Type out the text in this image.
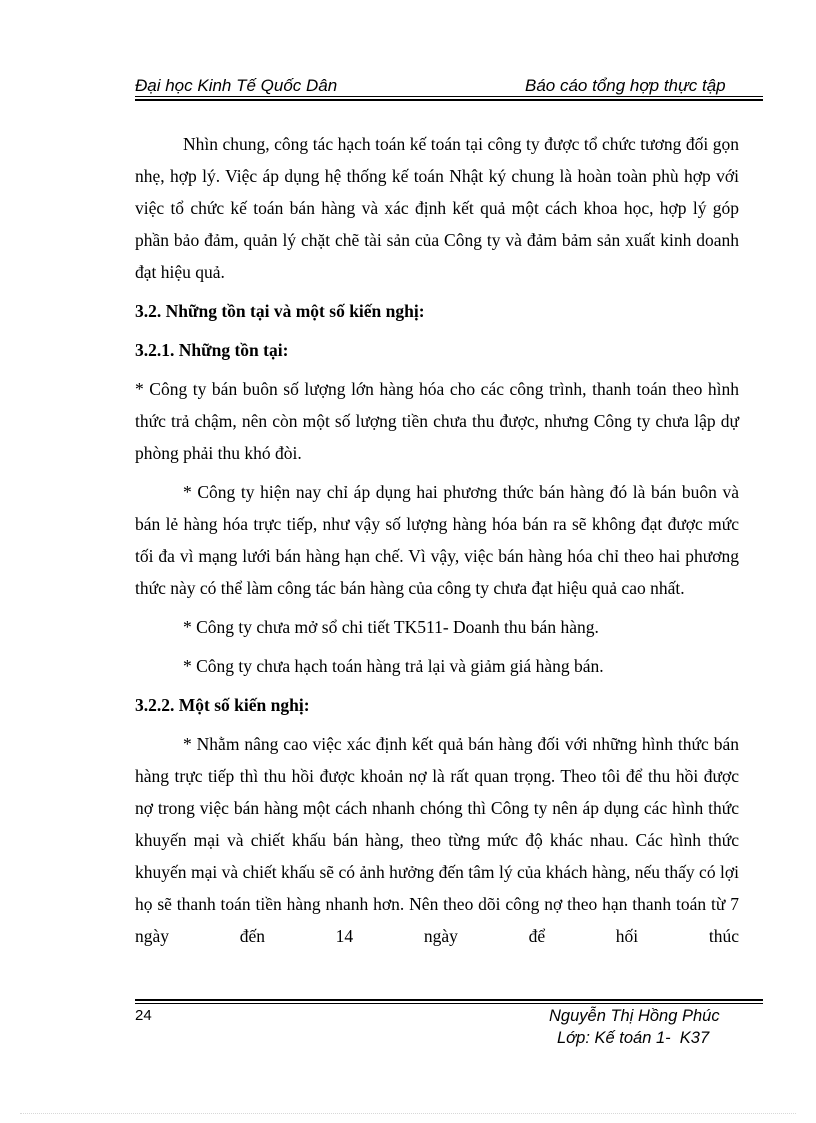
Đại học Kinh Tế Quốc Dân	Báo cáo tổng hợp thực tập

Nhìn chung, công tác hạch toán kế toán tại công ty được tổ chức tương đối gọn nhẹ, hợp lý. Việc áp dụng hệ thống kế toán Nhật ký chung là hoàn toàn phù hợp với việc tổ chức kế toán bán hàng và xác định kết quả một cách khoa học, hợp lý góp phần bảo đảm, quản lý chặt chẽ tài sản của Công ty và đảm bảm sản xuất kinh doanh đạt hiệu quả.

3.2. Những tồn tại và một số kiến nghị:

3.2.1. Những tồn tại:

* Công ty bán buôn số lượng lớn hàng hóa cho các công trình, thanh toán theo hình thức trả chậm, nên còn một số lượng tiền chưa thu được, nhưng Công ty chưa lập dự phòng phải thu khó đòi.

* Công ty hiện nay chỉ áp dụng hai phương thức bán hàng đó là bán buôn và bán lẻ hàng hóa trực tiếp, như vậy số lượng hàng hóa bán ra sẽ không đạt được mức tối đa vì mạng lưới bán hàng hạn chế. Vì vậy, việc bán hàng hóa chỉ theo hai phương thức này có thể làm công tác bán hàng của công ty chưa đạt hiệu quả cao nhất.

* Công ty chưa mở sổ chi tiết TK511- Doanh thu bán hàng.

* Công ty chưa hạch toán hàng trả lại và giảm giá hàng bán.

3.2.2. Một số kiến nghị:

* Nhằm nâng cao việc xác định kết quả bán hàng đối với những hình thức bán hàng trực tiếp thì thu hồi được khoản nợ là rất quan trọng. Theo tôi để thu hồi được nợ trong việc bán hàng một cách nhanh chóng thì Công ty nên áp dụng các hình thức khuyến mại và chiết khấu bán hàng, theo từng mức độ khác nhau. Các hình thức khuyến mại và chiết khấu sẽ có ảnh hưởng đến tâm lý của khách hàng, nếu thấy có lợi họ sẽ thanh toán tiền hàng nhanh hơn. Nên theo dõi công nợ theo hạn thanh toán từ 7 ngày đến 14 ngày để hối thúc

24	Nguyễn Thị Hồng Phúc
Lớp: Kế toán 1-  K37
